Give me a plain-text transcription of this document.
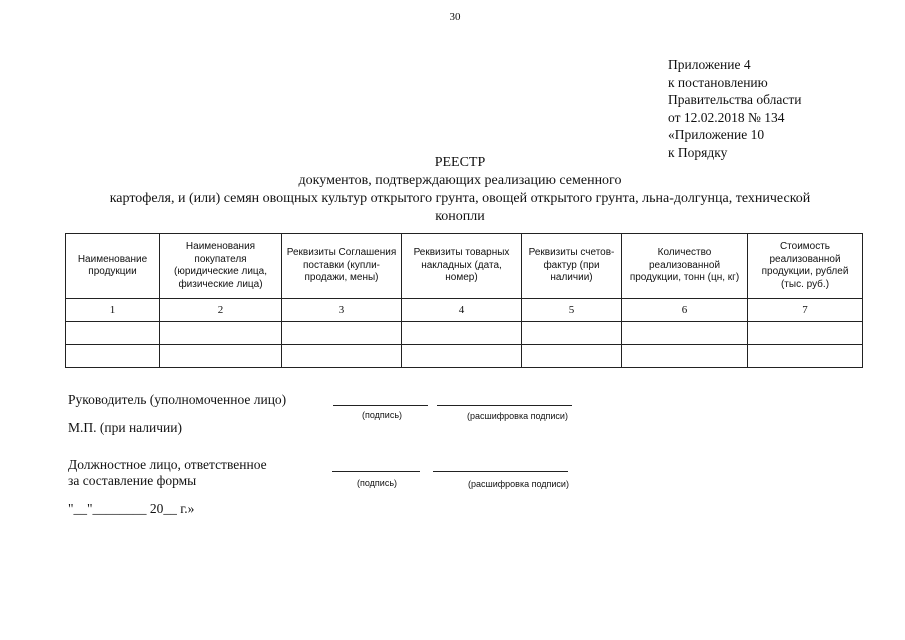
30
Приложение 4
к постановлению
Правительства области
от 12.02.2018 № 134
«Приложение 10
к Порядку
РЕЕСТР
документов, подтверждающих реализацию семенного
картофеля, и (или) семян овощных культур открытого грунта, овощей открытого грунта, льна-долгунца, технической
конопли
Наименование продукции	Наименования покупателя (юридические лица, физические лица)	Реквизиты Соглашения поставки (купли-продажи, мены)	Реквизиты товарных накладных (дата, номер)	Реквизиты счетов-фактур (при наличии)	Количество реализованной продукции, тонн (цн, кг)	Стоимость реализованной продукции, рублей (тыс. руб.)
1	2	3	4	5	6	7

Руководитель (уполномоченное лицо)
(подпись)	(расшифровка подписи)
М.П. (при наличии)
Должностное лицо, ответственное
за составление формы	(подпись)	(расшифровка подписи)
"__"________ 20__ г.»
